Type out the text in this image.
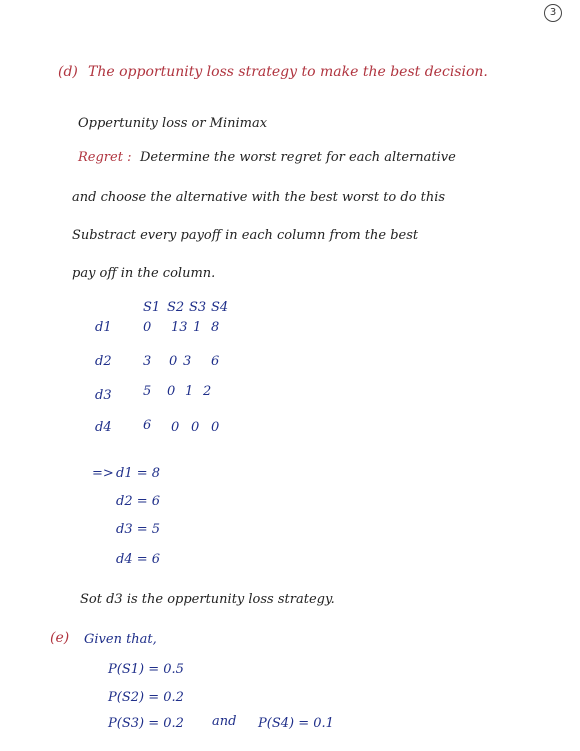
3
(d) The opportunity loss strategy to make the best decision.
Oppertunity loss or Minimax
Regret : Determine the worst regret for each alternative
and choose the alternative with the best worst to do this
Substract every payoff in each column from the best
pay off in the column.
S1 S2 S3 S4
d1 0 13 1 8
d2 3 0 3 6
d3 5 0 1 2
d4 6 0 0 0
=> d1 = 8
d2 = 6
d3 = 5
d4 = 6
Sot d3 is the oppertunity loss strategy.
(e) Given that,
P(S1) = 0.5
P(S2) = 0.2
P(S3) = 0.2 and P(S4) = 0.1
